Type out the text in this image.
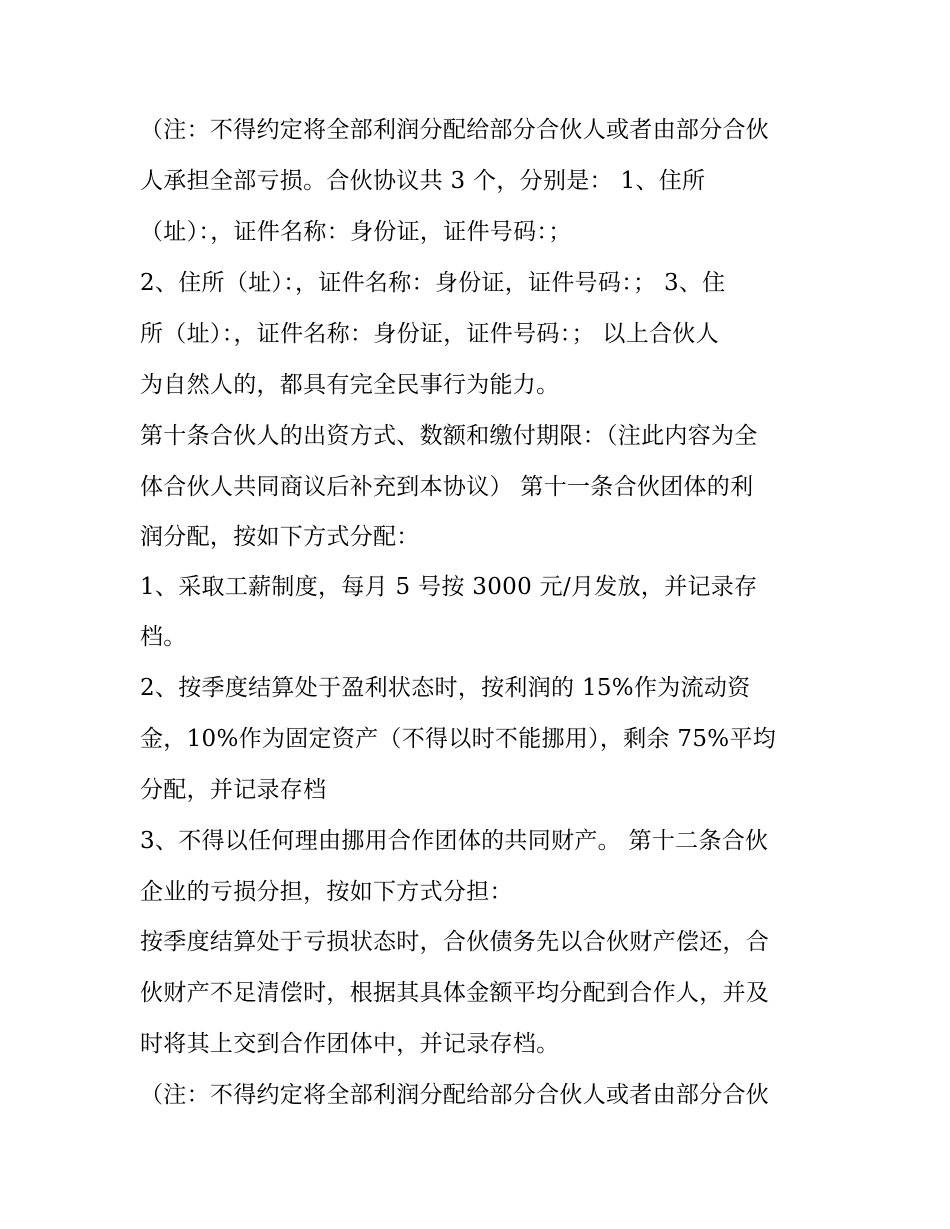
（注：不得约定将全部利润分配给部分合伙人或者由部分合伙
人承担全部亏损。合伙协议共 3 个，分别是： 1、住所
（址）：，证件名称：身份证，证件号码：；
2、住所（址）：，证件名称：身份证，证件号码：； 3、住
所（址）：，证件名称：身份证，证件号码：； 以上合伙人
为自然人的，都具有完全民事行为能力。
第十条合伙人的出资方式、数额和缴付期限：（注此内容为全
体合伙人共同商议后补充到本协议） 第十一条合伙团体的利
润分配，按如下方式分配：
1、采取工薪制度，每月 5 号按 3000 元/月发放，并记录存
档。
2、按季度结算处于盈利状态时，按利润的 15%作为流动资
金，10%作为固定资产（不得以时不能挪用），剩余 75%平均
分配，并记录存档
3、不得以任何理由挪用合作团体的共同财产。 第十二条合伙
企业的亏损分担，按如下方式分担：
按季度结算处于亏损状态时，合伙债务先以合伙财产偿还，合
伙财产不足清偿时，根据其具体金额平均分配到合作人，并及
时将其上交到合作团体中，并记录存档。
（注：不得约定将全部利润分配给部分合伙人或者由部分合伙
